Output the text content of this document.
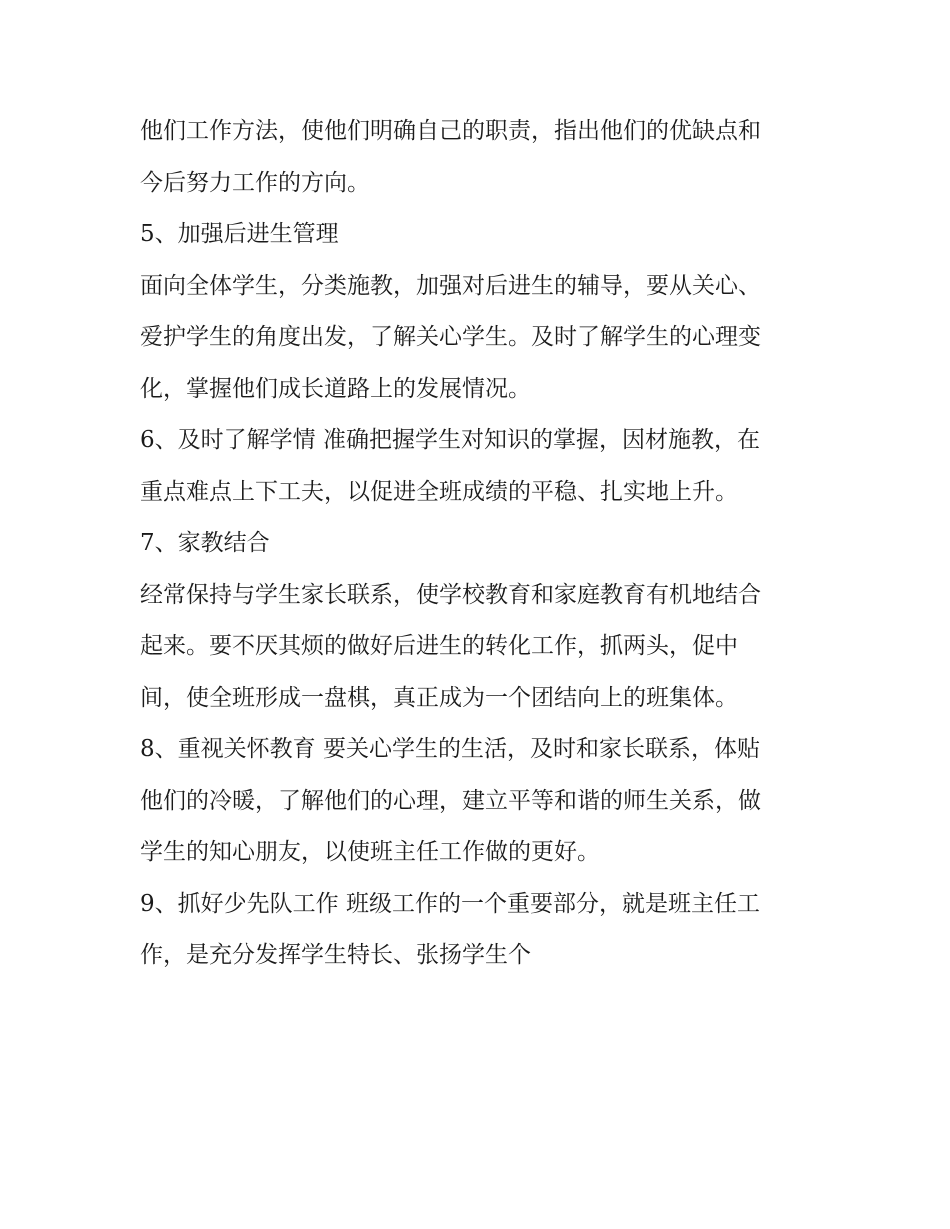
他们工作方法，使他们明确自己的职责，指出他们的优缺点和
今后努力工作的方向。
5、加强后进生管理
面向全体学生，分类施教，加强对后进生的辅导，要从关心、
爱护学生的角度出发，了解关心学生。及时了解学生的心理变
化，掌握他们成长道路上的发展情况。
6、及时了解学情 准确把握学生对知识的掌握，因材施教，在
重点难点上下工夫，以促进全班成绩的平稳、扎实地上升。
7、家教结合
经常保持与学生家长联系，使学校教育和家庭教育有机地结合
起来。要不厌其烦的做好后进生的转化工作，抓两头，促中
间，使全班形成一盘棋，真正成为一个团结向上的班集体。
8、重视关怀教育 要关心学生的生活，及时和家长联系，体贴
他们的冷暖，了解他们的心理，建立平等和谐的师生关系，做
学生的知心朋友，以使班主任工作做的更好。
9、抓好少先队工作 班级工作的一个重要部分，就是班主任工
作，是充分发挥学生特长、张扬学生个
